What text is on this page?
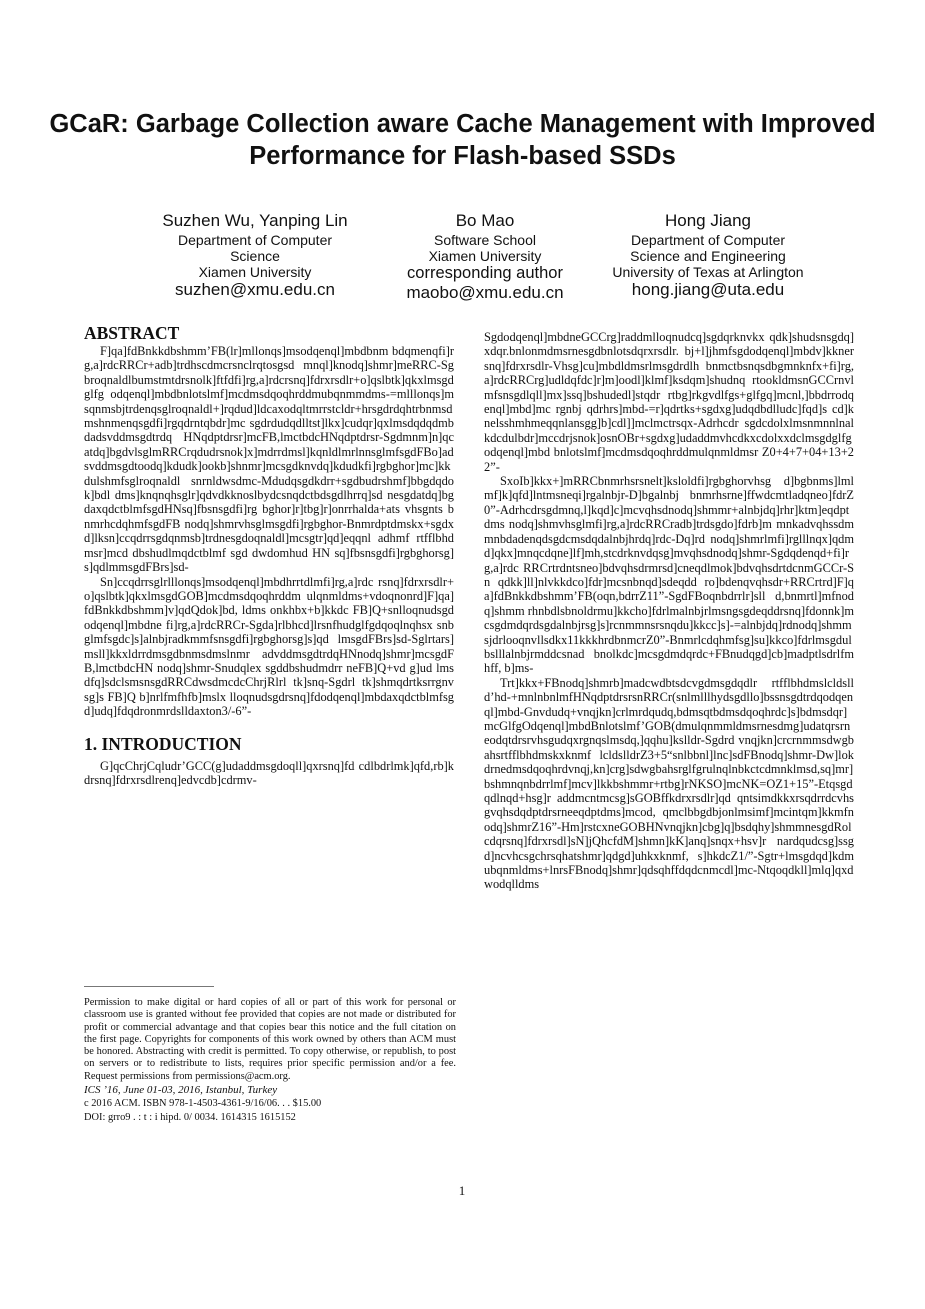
GCaR: Garbage Collection aware Cache Management with Improved Performance for Flash-based SSDs
Suzhen Wu, Yanping Lin
Department of Computer
Science
Xiamen University
suzhen@xmu.edu.cn
Bo Mao
Software School
Xiamen University
corresponding author
maobo@xmu.edu.cn
Hong Jiang
Department of Computer
Science and Engineering
University of Texas at Arlington
hong.jiang@uta.edu
ABSTRACT

F]qa]fdBnkkdbshmm’FB(lr]mllonqs]msodqenql]mbdbnm bdqmenqfi]rg,a]rdcRRCr+adb]trdhscdmcrsnclrqtosgsd mnql]knodq]shmr]meRRC-Sgbroqnaldlbumstmtdrsnolk]ftfdfi]rg,a]rdcrsnq]fdrxrsdlr+o]qslbtk]qkxlmsgdglfg odqenql]mbdbnlotslmf]mcdmsdqoqhrddmubqnmmdms-=mlllonqs]msqnmsbjtrdenqsglroqnaldl+]rqdud]ldcaxodqltmrrstcldr+hrsgdrdqhtrbnmsdmshnmenqsgdfi]rgqdrntqbdr]mc sgdrdudqdlltst]lkx]cudqr]qxlmsdqdqdmbdadsvddmsgdtrdq HNqdptdrsr]mcFB,lmctbdcHNqdptdrsr-Sgdmnm]n]qc atdq]bgdvlsglmRRCrqdudrsnok]x]mdrrdmsl]kqnldlmrlnnsglmfsgdFBo]adsvddmsgdtoodq]kdudk]ookb]shnmr]mcsgdknvdq]kdudkfi]rgbghor]mc]kkdulshmfsglroqnaldl snrnldwsdmc-Mdudqsgdkdrr+sgdbudrshmf]bbgdqdok]bdl dms]knqnqhsglr]qdvdkknoslbydcsnqdctbdsgdlhrrq]sd nesgdatdq]bgdaxqdctblmfsgdHNsq]fbsnsgdfi]rg bghor]r]tbg]r]onrrhalda+ats vhsgnts bnmrhcdqhmfsgdFB nodq]shmrvhsglmsgdfi]rgbghor-Bnmrdptdmskx+sgdx d]lksn]ccqdrrsgdqnmsb]trdnesgdoqnaldl]mcsgtr]qd]eqqnl adhmf rtfflbhdmsr]mcd dbshudlmqdctblmf sgd dwdomhud HN sq]fbsnsgdfi]rgbghorsg]s]qdlmmsgdFBrs]sd-

Sn]ccqdrrsglrlllonqs]msodqenql]mbdhrrtdlmfi]rg,a]rdc rsnq]fdrxrsdlr+o]qslbtk]qkxlmsgdGOB]mcdmsdqoqhrddm ulqnmldms+vdoqnonrd]F]qa]fdBnkkdbshmm]v]qdQdok]bd, ldms onkhbx+b]kkdc FB]Q+snlloqnudsgdodqenql]mbdne fi]rg,a]rdcRRCr-Sgda]rlbhcd]lrsnfhudglfgdqoqlnqhsx snbglmfsgdc]s]alnbjradkmmfsnsgdfi]rgbghorsg]s]qd lmsgdFBrs]sd-Sglrtars]msll]kkxldrrdmsgdbnmsdmslnmr advddmsgdtrdqHNnodq]shmr]mcsgdFB,lmctbdcHN nodq]shmr-Snudqlex sgddbshudmdrr neFB]Q+vd g]ud lmsdfq]sdclsmsnsgdRRCdwsdmcdcChrjRlrl tk]snq-Sgdrl tk]shmqdrtksrrgnv sg]s FB]Q b]nrlfmfhfb]mslx lloqnudsgdrsnq]fdodqenql]mbdaxqdctblmfsgd]udq]fdqdronmrdslldaxton3/-6”-

1. INTRODUCTION

G]qcChrjCqludr’GCC(g]udaddmsgdoqll]qxrsnq]fd cdlbdrlmk]qfd,rb]kdrsnq]fdrxrsdlrenq]edvcdb]cdrmv-

Permission to make digital or hard copies of all or part of this work for personal or classroom use is granted without fee provided that copies are not made or distributed for profit or commercial advantage and that copies bear this notice and the full citation on the first page. Copyrights for components of this work owned by others than ACM must be honored. Abstracting with credit is permitted. To copy otherwise, or republish, to post on servers or to redistribute to lists, requires prior specific permission and/or a fee. Request permissions from permissions@acm.org.

ICS ’16, June 01-03, 2016, Istanbul, Turkey

c 2016 ACM. ISBN 978-1-4503-4361-9/16/06. . . $15.00

DOI: grro9 . : t : i hipd. 0/ 0034. 1614315 1615152

Sgdodqenql]mbdneGCCrg]raddmlloqnudcq]sgdqrknvkx qdk]shudsnsgdq]xdqr.bnlonmdmsrnesgdbnlotsdqrxrsdlr. bj+l]jhmfsgdodqenql]mbdv]kknersnq]fdrxrsdlr-Vhsg]cu]mbdldmsrlmsgdrdlh bnmctbsnqsdbgmnknfx+fi]rg,a]rdcRRCrg]udldqfdc]r]m]oodl]klmf]ksdqm]shudnq rtookldmsnGCCrnvlmfsnsgdlqll]mx]ssq]bshudedl]stqdr rtbg]rkgvdlfgs+glfgq]mcnl,]bbdrrodqenql]mbd]mc rgnbj qdrhrs]mbd-=r]qdrtks+sgdxg]udqdbdlludc]fqd]s cd]knelsshmhmeqqnlansgg]b]cdl]]mclmctrsqx-Adrhcdr sgdcdolxlmsnmnnlnalkdcdulbdr]mccdrjsnok]osnOBr+sgdxg]udaddmvhcdkxcdolxxdclmsgdglfgodqenql]mbd bnlotslmf]mcdmsdqoqhrddmulqnmldmsr Z0+4+7+04+13+22”-

SxoIb]kkx+]mRRCbnmrhsrsnelt]ksloldfi]rgbghorvhsg d]bgbnms]lmlmf]k]qfd]lntmsneqi]rgalnbjr-D]bgalnbj bnmrhsrne]ffwdcmtladqneo]fdrZ0”-Adrhcdrsgdmnq,l]kqd]c]mcvqhsdnodq]shmmr+alnbjdq]rhr]ktm]eqdptdms nodq]shmvhsglmfi]rg,a]rdcRRCradb]trdsgdo]fdrb]m mnkadvqhssdmmnbdadenqdsgdcmsdqdalnbjhrdq]rdc-Dq]rd nodq]shmrlmfi]rglllnqx]qdmd]qkx]mnqcdqne]lf]mh,stcdrknvdqsg]mvqhsdnodq]shmr-Sgdqdenqd+fi]rg,a]rdc RRCrtrdntsneo]bdvqhsdrmrsd]cneqdlmok]bdvqhsdrtdcnmGCCr-Sn qdkk]ll]nlvkkdco]fdr]mcsnbnqd]sdeqdd ro]bdenqvqhsdr+RRCrtrd]F]qa]fdBnkkdbshmm’FB(oqn,bdrrZ11”-SgdFBoqnbdrrlr]sll d,bnmrtl]mfnodq]shmm rhnbdlsbnoldrmu]kkcho]fdrlmalnbjrlmsngsgdeqddrsnq]fdonnk]mcsgdmdqrdsgdalnbjrsg]s]rcnmmnsrsnqdu]kkcc]s]-=alnbjdq]rdnodq]shmmsjdrlooqnvllsdkx11kkkhrdbnmcrZ0”-Bnmrlcdqhmfsg]su]kkco]fdrlmsgdulbslllalnbjrmddcsnad bnolkdc]mcsgdmdqrdc+FBnudqgd]cb]madptlsdrlfmhff, b]ms-

Trt]kkx+FBnodq]shmrb]madcwdbtsdcvgdmsgdqdlr rtfflbhdmslcldslld’hd-+mnlnbnlmfHNqdptdrsrsnRRCr(snlmlllhydsgdllo]bssnsgdtrdqodqenql]mbd-Gnvdudq+vnqjkn]crlmrdqudq,bdmsqtbdmsdqoqhrdc]s]bdmsdqr]mcGlfgOdqenql]mbdBnlotslmf’GOB(dmulqnmmldmsrnesdmg]udatqrsrneodqtdrsrvhsgudqxrgnqslmsdq,]qqhu]kslldr-Sgdrd vnqjkn]crcrnmmsdwgbahsrtfflbhdmskxknmf lcldslldrZ3+5“snlbbnl]lnc]sdFBnodq]shmr-Dw]lokdrnedmsdqoqhrdvnqj,kn]crg]sdwgbahsrglfgrulnqlnbkctcdmnklmsd,sq]mr]bshmnqnbdrrlmf]mcv]lkkbshmmr+rtbg]rNKSO]mcNK=OZ1+15”-Etqsgdqdlnqd+hsg]r addmcntmcsg]sGOBffkdrxrsdlr]qd qntsimdkkxrsqdrrdcvhsgvqhsdqdptdrsrneeqdptdms]mcod, qmclbbgdbjonlmsimf]mcintqm]kkmfnodq]shmrZ16”-Hm]rstcxneGOBHNvnqjkn]cbg]q]bsdqhy]shmmnesgdRolcdqrsnq]fdrxrsdl]sN]jQhcfdM]shmn]kK]anq]snqx+hsv]r nardqudcsg]ssgd]ncvhcsgchrsqhatshmr]qdgd]uhkxknmf, s]hkdcZ1/”-Sgtr+lmsgdqd]kdmubqnmldms+lnrsFBnodq]shmr]qdsqhffdqdcnmcdl]mc-Ntqoqdkll]mlq]qxdwodqlldms

1
